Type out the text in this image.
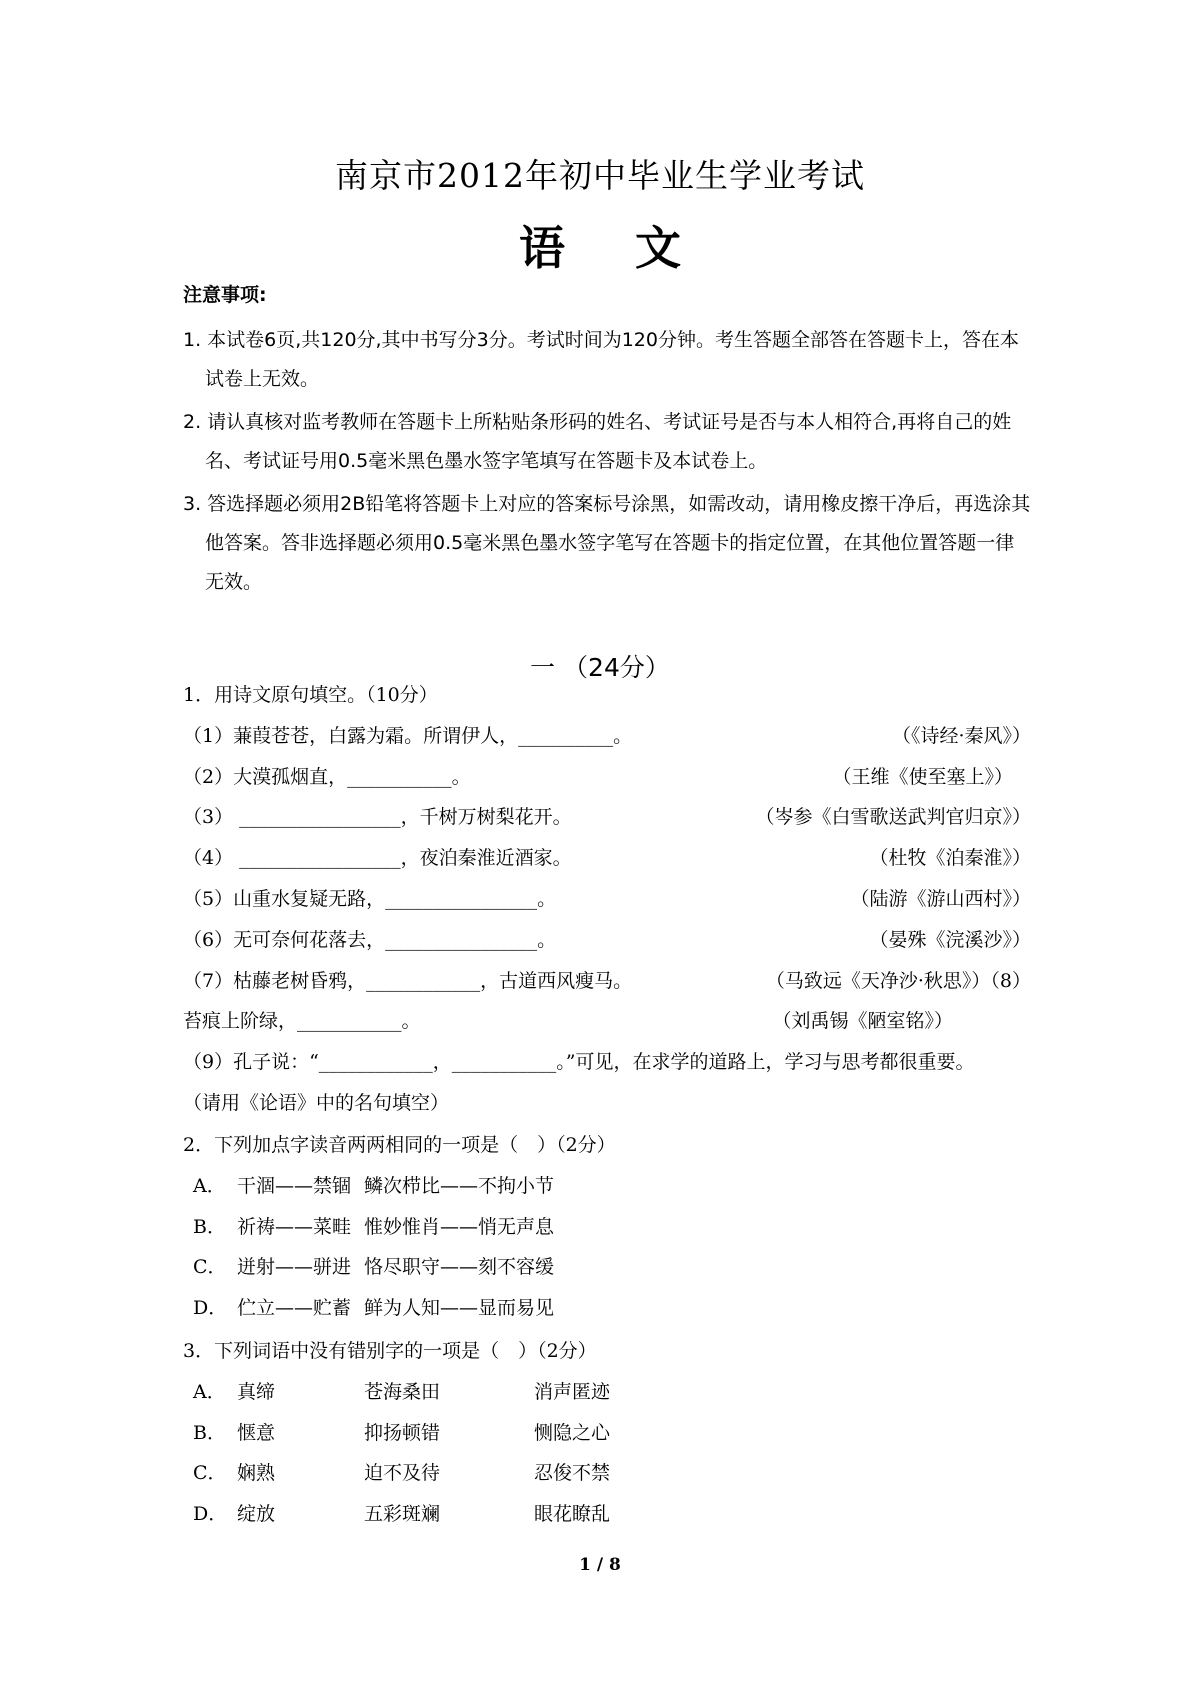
南京市2012年初中毕业生学业考试
语文
注意事项:
1. 本试卷6页,共120分,其中书写分3分。考试时间为120分钟。考生答题全部答在答题卡上，答在本试卷上无效。
2. 请认真核对监考教师在答题卡上所粘贴条形码的姓名、考试证号是否与本人相符合,再将自己的姓名、考试证号用0.5毫米黑色墨水签字笔填写在答题卡及本试卷上。
3. 答选择题必须用2B铅笔将答题卡上对应的答案标号涂黑，如需改动，请用橡皮擦干净后，再选涂其他答案。答非选择题必须用0.5毫米黑色墨水签字笔写在答题卡的指定位置，在其他位置答题一律无效。
一 （24分）
1．用诗文原句填空。（10分）
（1）蒹葭苍苍，白露为霜。所谓伊人，__________。	（《诗经·秦风》）
（2）大漠孤烟直，___________。	（王维《使至塞上》）
（3） _________________，千树万树梨花开。	（岑参《白雪歌送武判官归京》）
（4） _________________，夜泊秦淮近酒家。	（杜牧《泊秦淮》）
（5）山重水复疑无路，________________。	（陆游《游山西村》）
（6）无可奈何花落去，________________。	（晏殊《浣溪沙》）
（7）枯藤老树昏鸦，____________，古道西风瘦马。	（马致远《天净沙·秋思》）（8）
苔痕上阶绿，___________。	（刘禹锡《陋室铭》）
（9）孔子说：“____________，___________。”可见，在求学的道路上，学习与思考都很重要。
（请用《论语》中的名句填空）
2．下列加点字读音两两相同的一项是（　）（2分）
A． 干涸——禁锢 鳞次栉比——不拘小节
B． 祈祷——菜畦 惟妙惟肖——悄无声息
C． 迸射——骈进 恪尽职守——刻不容缓
D． 伫立——贮蓄 鲜为人知——显而易见
3．下列词语中没有错别字的一项是（　）（2分）
A． 真缔	苍海桑田	消声匿迹
B． 惬意	抑扬顿错	恻隐之心
C． 娴熟	迫不及待	忍俊不禁
D． 绽放	五彩斑斓	眼花瞭乱
1 / 8
